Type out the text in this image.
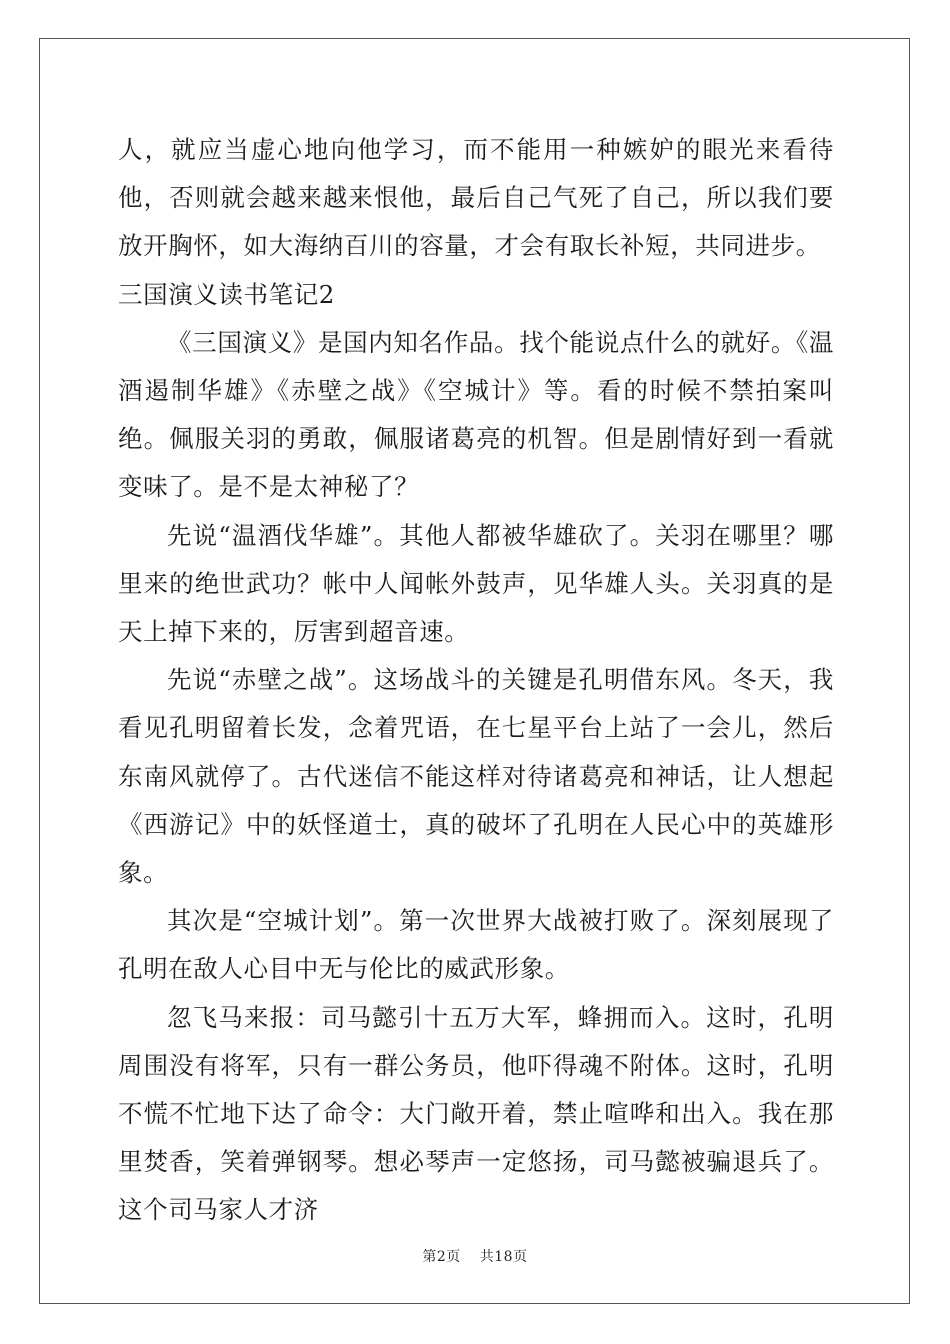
人，就应当虚心地向他学习，而不能用一种嫉妒的眼光来看待他，否则就会越来越来恨他，最后自己气死了自己，所以我们要放开胸怀，如大海纳百川的容量，才会有取长补短，共同进步。

三国演义读书笔记2

《三国演义》是国内知名作品。找个能说点什么的就好。《温酒遏制华雄》《赤壁之战》《空城计》等。看的时候不禁拍案叫绝。佩服关羽的勇敢，佩服诸葛亮的机智。但是剧情好到一看就变味了。是不是太神秘了？

先说“温酒伐华雄”。其他人都被华雄砍了。关羽在哪里？哪里来的绝世武功？帐中人闻帐外鼓声，见华雄人头。关羽真的是天上掉下来的，厉害到超音速。

先说“赤壁之战”。这场战斗的关键是孔明借东风。冬天，我看见孔明留着长发，念着咒语，在七星平台上站了一会儿，然后东南风就停了。古代迷信不能这样对待诸葛亮和神话，让人想起《西游记》中的妖怪道士，真的破坏了孔明在人民心中的英雄形象。

其次是“空城计划”。第一次世界大战被打败了。深刻展现了孔明在敌人心目中无与伦比的威武形象。

忽飞马来报：司马懿引十五万大军，蜂拥而入。这时，孔明周围没有将军，只有一群公务员，他吓得魂不附体。这时，孔明不慌不忙地下达了命令：大门敞开着，禁止喧哗和出入。我在那里焚香，笑着弹钢琴。想必琴声一定悠扬，司马懿被骗退兵了。这个司马家人才济

第2页 共18页
